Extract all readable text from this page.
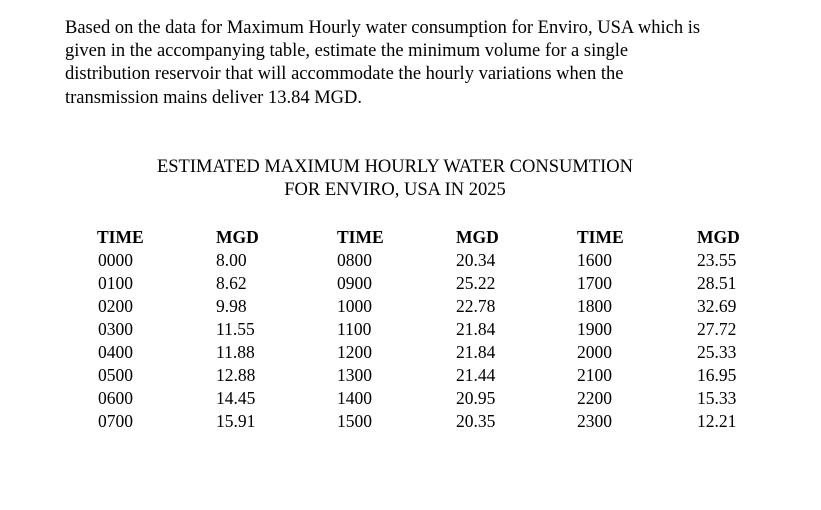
Based on the data for Maximum Hourly water consumption for Enviro, USA which is
given in the accompanying table, estimate the minimum volume for a single
distribution reservoir that will accommodate the hourly variations when the
transmission mains deliver 13.84 MGD.

ESTIMATED MAXIMUM HOURLY WATER CONSUMTION
FOR ENVIRO, USA IN 2025
TIME
0000
0100
0200
0300
0400
0500
0600
0700
MGD
8.00
8.62
9.98
11.55
11.88
12.88
14.45
15.91
TIME
0800
0900
1000
1100
1200
1300
1400
1500
MGD
20.34
25.22
22.78
21.84
21.84
21.44
20.95
20.35
TIME
1600
1700
1800
1900
2000
2100
2200
2300
MGD
23.55
28.51
32.69
27.72
25.33
16.95
15.33
12.21
